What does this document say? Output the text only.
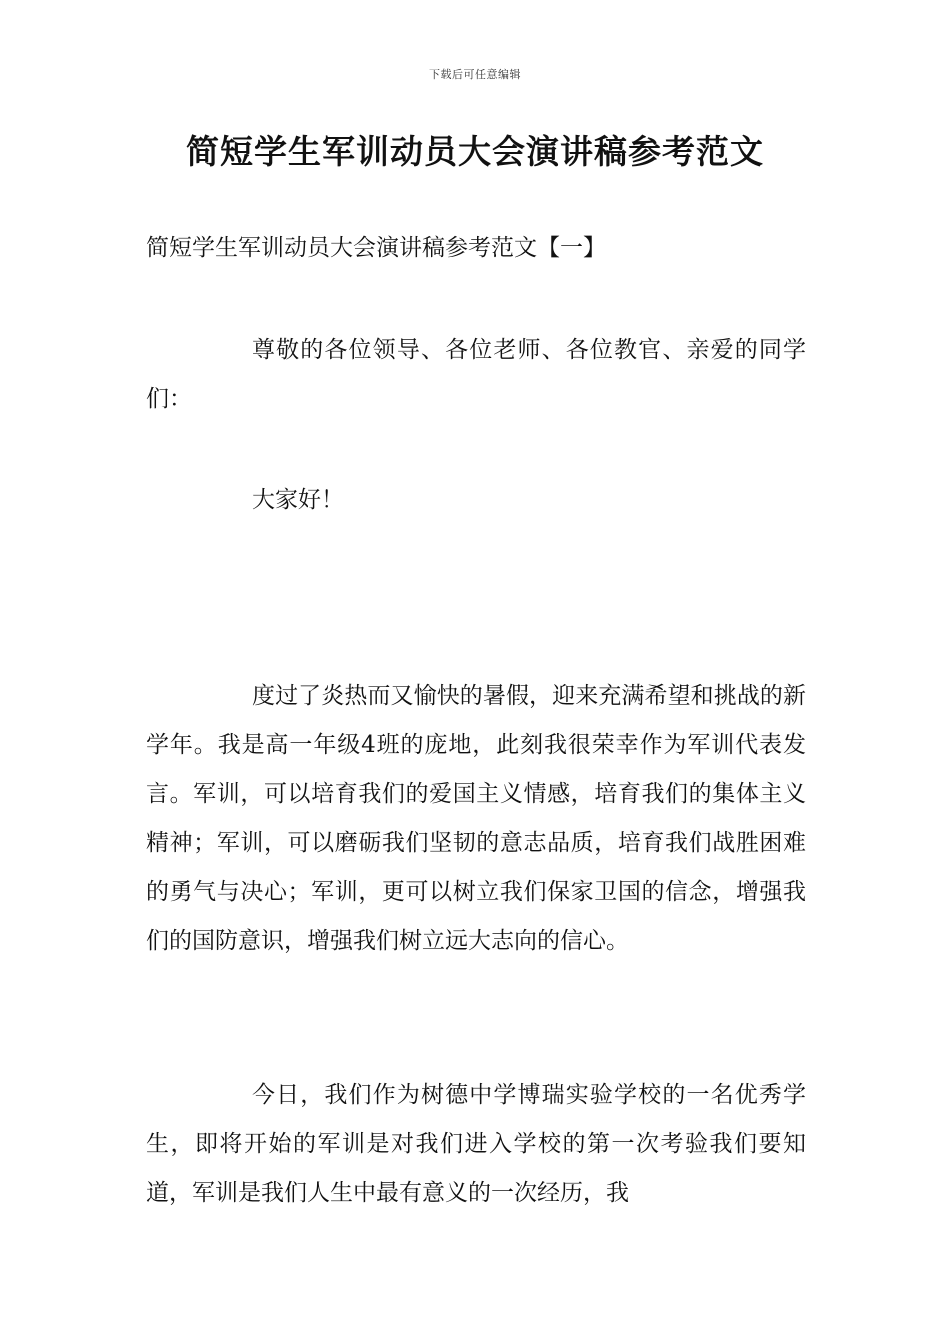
下载后可任意编辑
简短学生军训动员大会演讲稿参考范文
简短学生军训动员大会演讲稿参考范文【一】

尊敬的各位领导、各位老师、各位教官、亲爱的同学们：

大家好！

度过了炎热而又愉快的暑假，迎来充满希望和挑战的新学年。我是高一年级4班的庞地，此刻我很荣幸作为军训代表发言。军训，可以培育我们的爱国主义情感，培育我们的集体主义精神；军训，可以磨砺我们坚韧的意志品质，培育我们战胜困难的勇气与决心；军训，更可以树立我们保家卫国的信念，增强我们的国防意识，增强我们树立远大志向的信心。

今日，我们作为树德中学博瑞实验学校的一名优秀学生，即将开始的军训是对我们进入学校的第一次考验我们要知道，军训是我们人生中最有意义的一次经历，我
